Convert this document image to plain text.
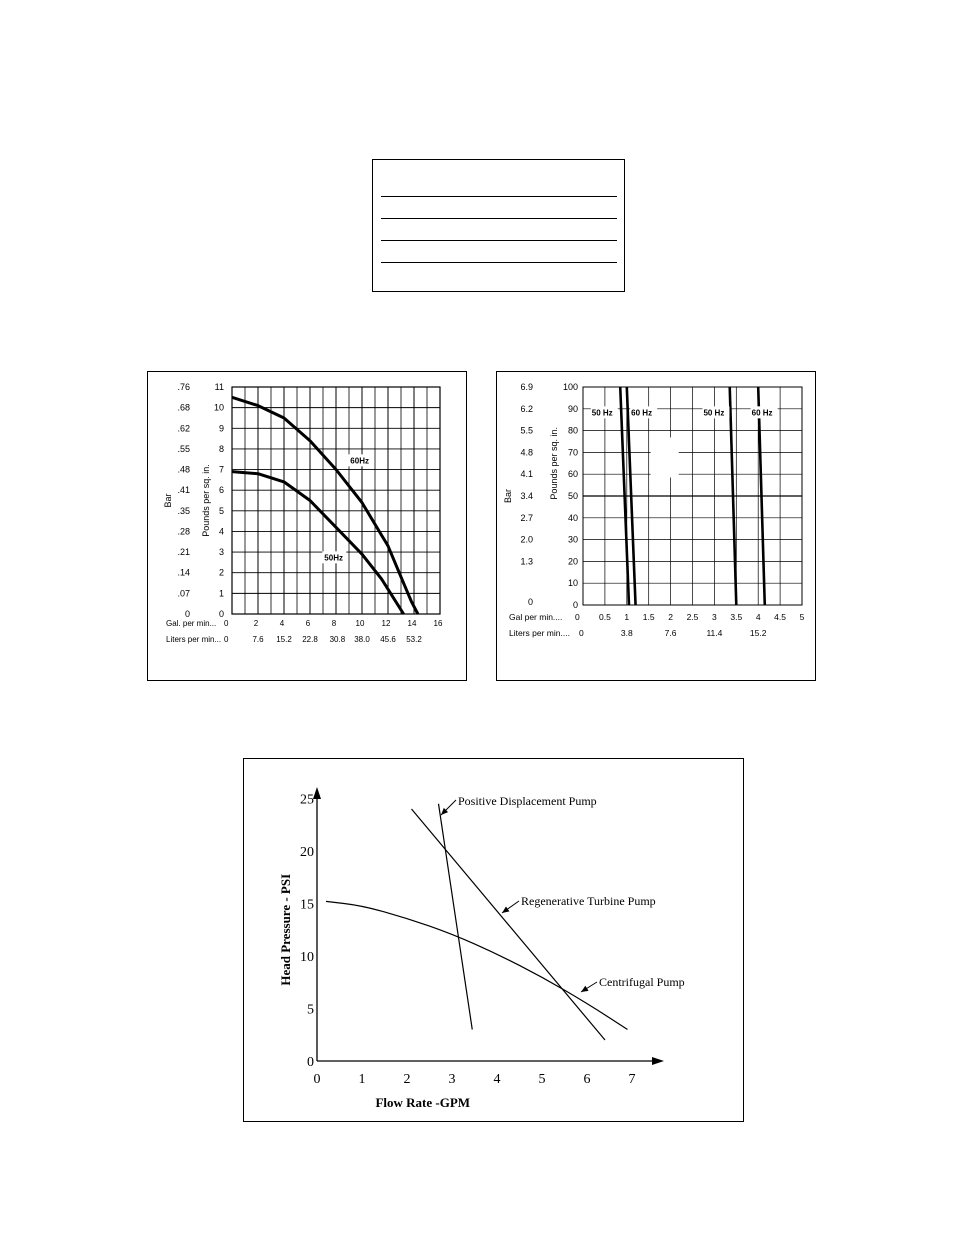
0
1
2
3
4
5
6
7
8
9
10
11
0
.07
.14
.21
.28
.35
.41
.48
.55
.62
.68
.76
Pounds per sq. in.
Bar
Gal. per min... 0	2	4	6	8 10 12 14 16
Liters per min... 0	7.6 15.2 22.8 30.8 38.0 45.6 53.2
60Hz
50Hz
0
10
20
30
40
50
60
70
80
90
100
0
1.3
2.0
2.7
3.4
4.1
4.8
5.5
6.2
6.9
Pounds per sq. in.
Bar
Gal per min.... 0 0.5 1 1.5 2 2.5 3 3.5 4 4.5 5
Liters per min.... 0	3.8	7.6	11.4	15.2
50 Hz 60 Hz	50 Hz	60 Hz
0
5
10
15
20
25
0	1	2	3	4	5	6	7
Head Pressure - PSI
Flow Rate -GPM
Positive Displacement Pump
Regenerative Turbine Pump
Centrifugal Pump
